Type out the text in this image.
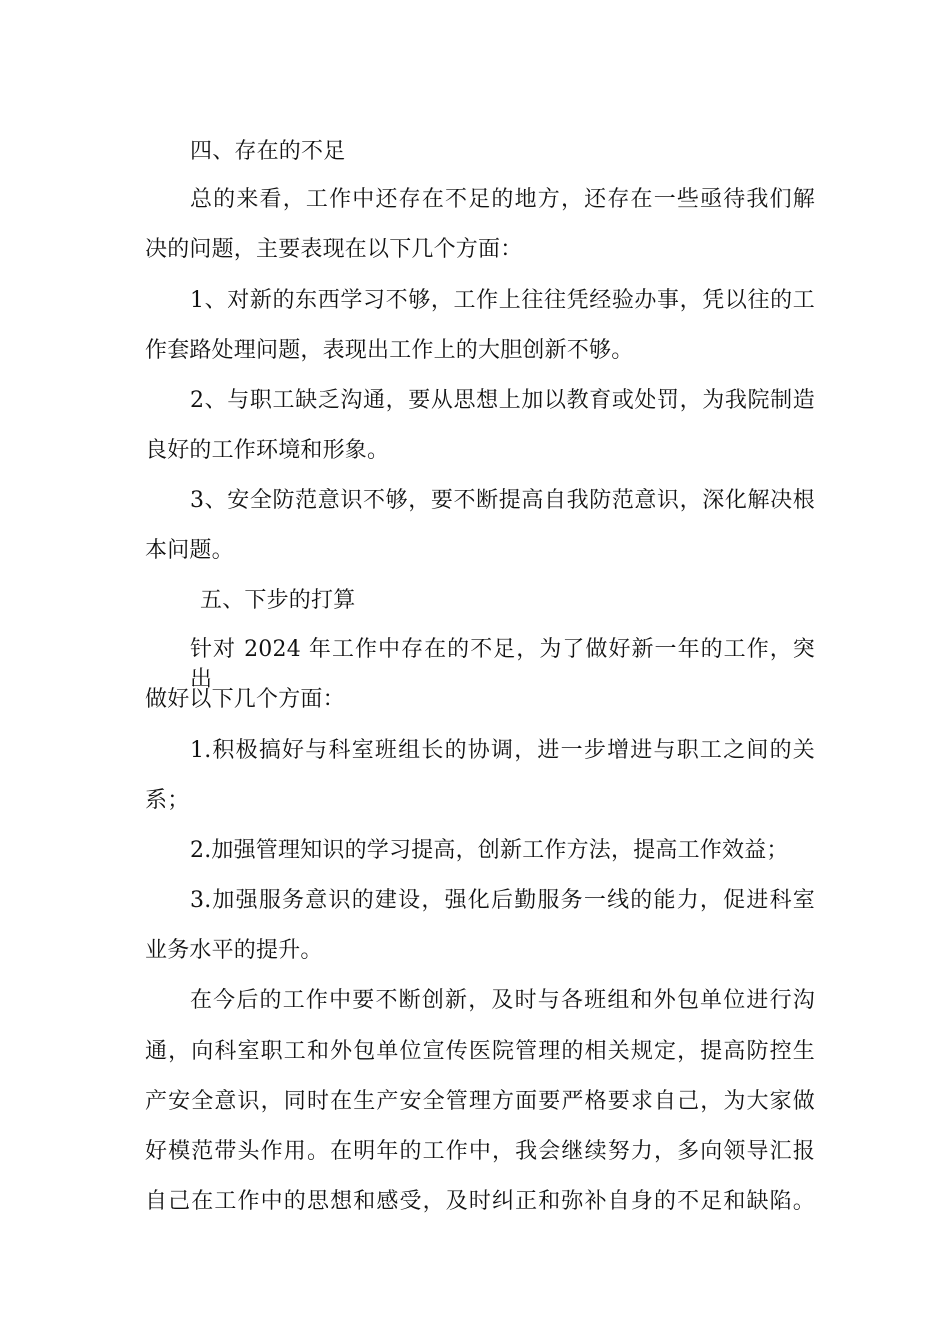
四、存在的不足
总的来看，工作中还存在不足的地方，还存在一些亟待我们解
决的问题，主要表现在以下几个方面：
1、对新的东西学习不够，工作上往往凭经验办事，凭以往的工
作套路处理问题，表现出工作上的大胆创新不够。
2、与职工缺乏沟通，要从思想上加以教育或处罚，为我院制造
良好的工作环境和形象。
3、安全防范意识不够，要不断提高自我防范意识，深化解决根
本问题。
五、下步的打算
针对 2024 年工作中存在的不足，为了做好新一年的工作，突出
做好以下几个方面：
1.积极搞好与科室班组长的协调，进一步增进与职工之间的关
系；
2.加强管理知识的学习提高，创新工作方法，提高工作效益；
3.加强服务意识的建设，强化后勤服务一线的能力，促进科室
业务水平的提升。
在今后的工作中要不断创新，及时与各班组和外包单位进行沟
通，向科室职工和外包单位宣传医院管理的相关规定，提高防控生
产安全意识，同时在生产安全管理方面要严格要求自己，为大家做
好模范带头作用。在明年的工作中，我会继续努力，多向领导汇报
自己在工作中的思想和感受，及时纠正和弥补自身的不足和缺陷。
